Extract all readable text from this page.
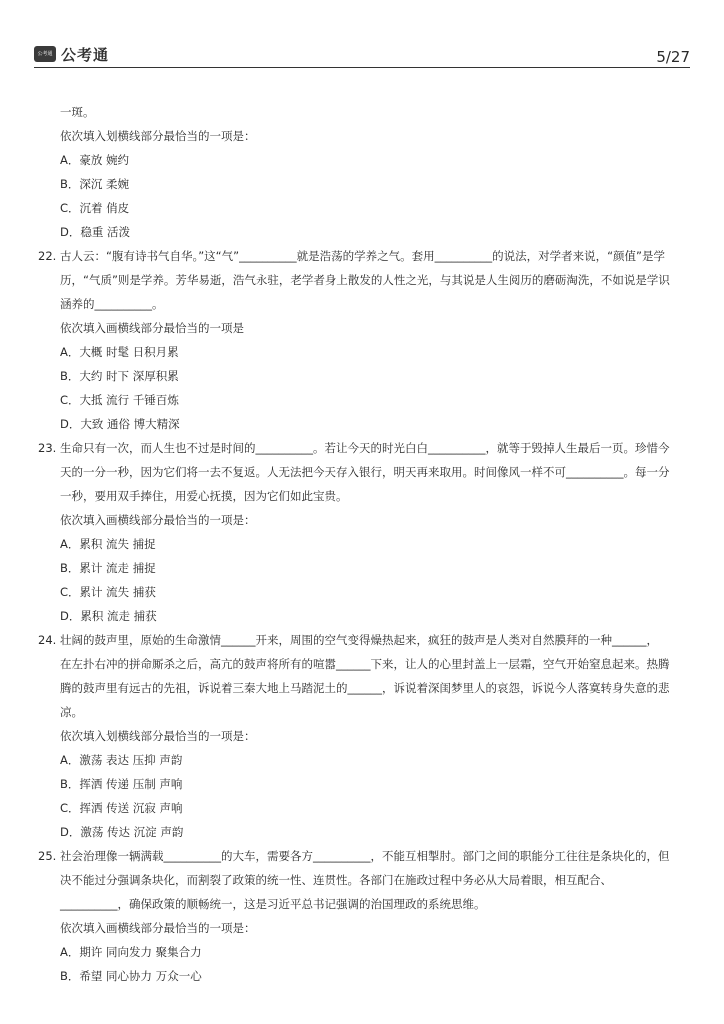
公考通 公考通	5/27
一斑。
依次填入划横线部分最恰当的一项是：
A．豪放 婉约
B．深沉 柔婉
C．沉着 俏皮
D．稳重 活泼
22. 古人云：“腹有诗书气自华。”这“气”__________就是浩荡的学养之气。套用__________的说法，对学者来说，“颜值”是学
历，“气质”则是学养。芳华易逝，浩气永驻，老学者身上散发的人性之光，与其说是人生阅历的磨砺淘洗，不如说是学识
涵养的__________。
依次填入画横线部分最恰当的一项是
A．大概 时髦 日积月累
B．大约 时下 深厚积累
C．大抵 流行 千锤百炼
D．大致 通俗 博大精深
23. 生命只有一次，而人生也不过是时间的__________。若让今天的时光白白__________，就等于毁掉人生最后一页。珍惜今
天的一分一秒，因为它们将一去不复返。人无法把今天存入银行，明天再来取用。时间像风一样不可__________。每一分
一秒，要用双手捧住，用爱心抚摸，因为它们如此宝贵。
依次填入画横线部分最恰当的一项是：
A．累积 流失 捕捉
B．累计 流走 捕捉
C．累计 流失 捕获
D．累积 流走 捕获
24. 壮阔的鼓声里，原始的生命激情______开来，周围的空气变得燥热起来，疯狂的鼓声是人类对自然膜拜的一种______，
在左扑右冲的拼命厮杀之后，高亢的鼓声将所有的喧嚣______下来，让人的心里封盖上一层霜，空气开始窒息起来。热腾
腾的鼓声里有远古的先祖，诉说着三秦大地上马踏泥土的______，诉说着深闺梦里人的哀怨，诉说今人落寞转身失意的悲
凉。
依次填入划横线部分最恰当的一项是：
A．激荡 表达 压抑 声韵
B．挥洒 传递 压制 声响
C．挥洒 传送 沉寂 声响
D．激荡 传达 沉淀 声韵
25. 社会治理像一辆满载__________的大车，需要各方__________，不能互相掣肘。部门之间的职能分工往往是条块化的，但
决不能过分强调条块化，而割裂了政策的统一性、连贯性。各部门在施政过程中务必从大局着眼，相互配合、
__________，确保政策的顺畅统一，这是习近平总书记强调的治国理政的系统思维。
依次填入画横线部分最恰当的一项是：
A．期许 同向发力 聚集合力
B．希望 同心协力 万众一心
